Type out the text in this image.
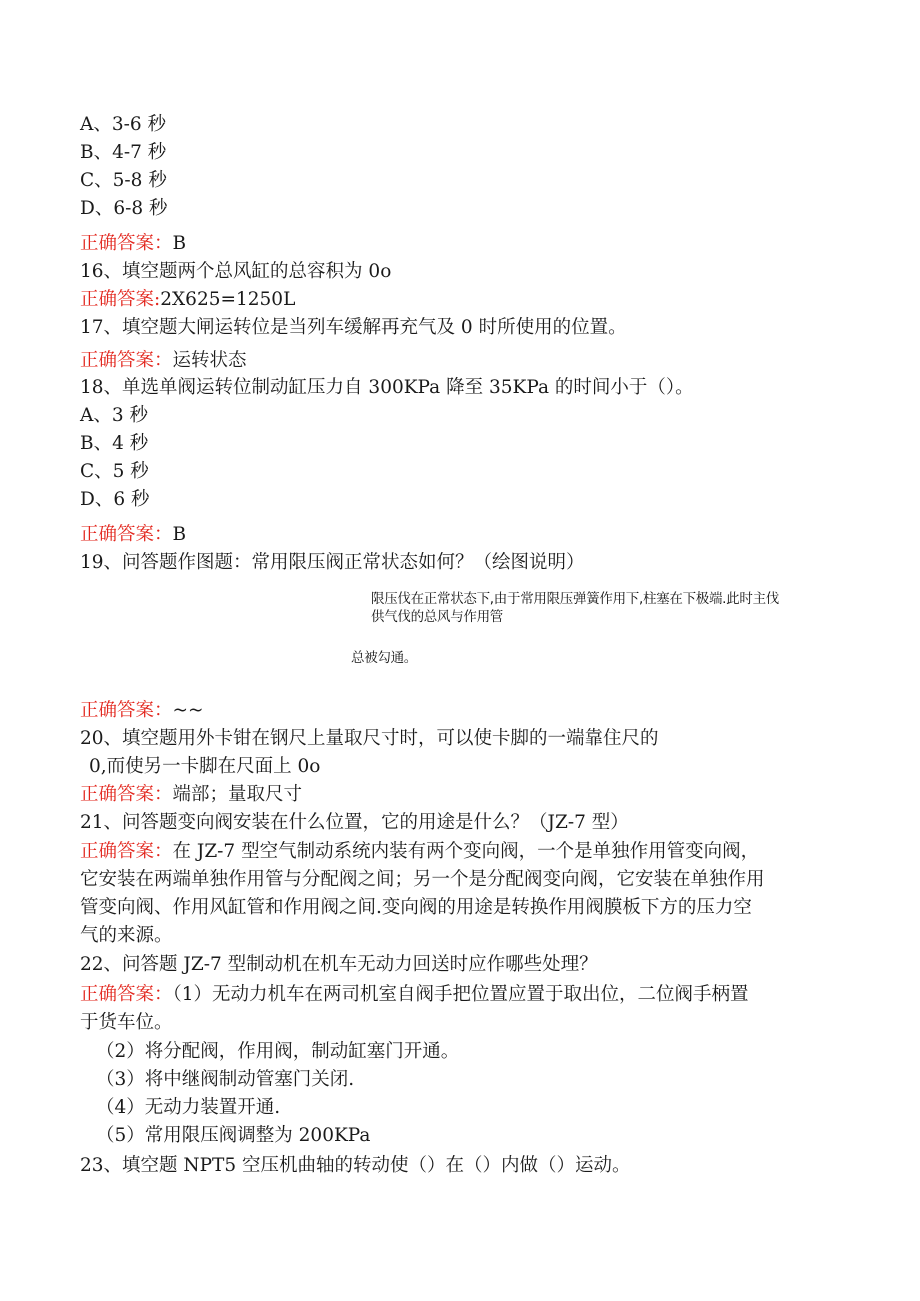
A、3-6 秒
B、4-7 秒
C、5-8 秒
D、6-8 秒
正确答案：B
16、填空题两个总风缸的总容积为 0o
正确答案:2X625=1250L
17、填空题大闸运转位是当列车缓解再充气及 0 时所使用的位置。
正确答案：运转状态
18、单选单阀运转位制动缸压力自 300KPa 降至 35KPa 的时间小于（）。
A、3 秒
B、4 秒
C、5 秒
D、6 秒
正确答案：B
19、问答题作图题：常用限压阀正常状态如何？（绘图说明）
限压伐在正常状态下,由于常用限压弹簧作用下,柱塞在下极端.此时主伐
供气伐的总风与作用管
总被勾通。
正确答案：~~
20、填空题用外卡钳在钢尺上量取尺寸时，可以使卡脚的一端靠住尺的
0,而使另一卡脚在尺面上 0o
正确答案：端部；量取尺寸
21、问答题变向阀安装在什么位置，它的用途是什么？（JZ-7 型）
正确答案：在 JZ-7 型空气制动系统内装有两个变向阀，一个是单独作用管变向阀，
它安装在两端单独作用管与分配阀之间；另一个是分配阀变向阀，它安装在单独作用
管变向阀、作用风缸管和作用阀之间.变向阀的用途是转换作用阀膜板下方的压力空
气的来源。
22、问答题 JZ-7 型制动机在机车无动力回送时应作哪些处理？
正确答案：（1）无动力机车在两司机室自阀手把位置应置于取出位，二位阀手柄置
于货车位。
（2）将分配阀，作用阀，制动缸塞门开通。
（3）将中继阀制动管塞门关闭.
（4）无动力装置开通.
（5）常用限压阀调整为 200KPa
23、填空题 NPT5 空压机曲轴的转动使（）在（）内做（）运动。
